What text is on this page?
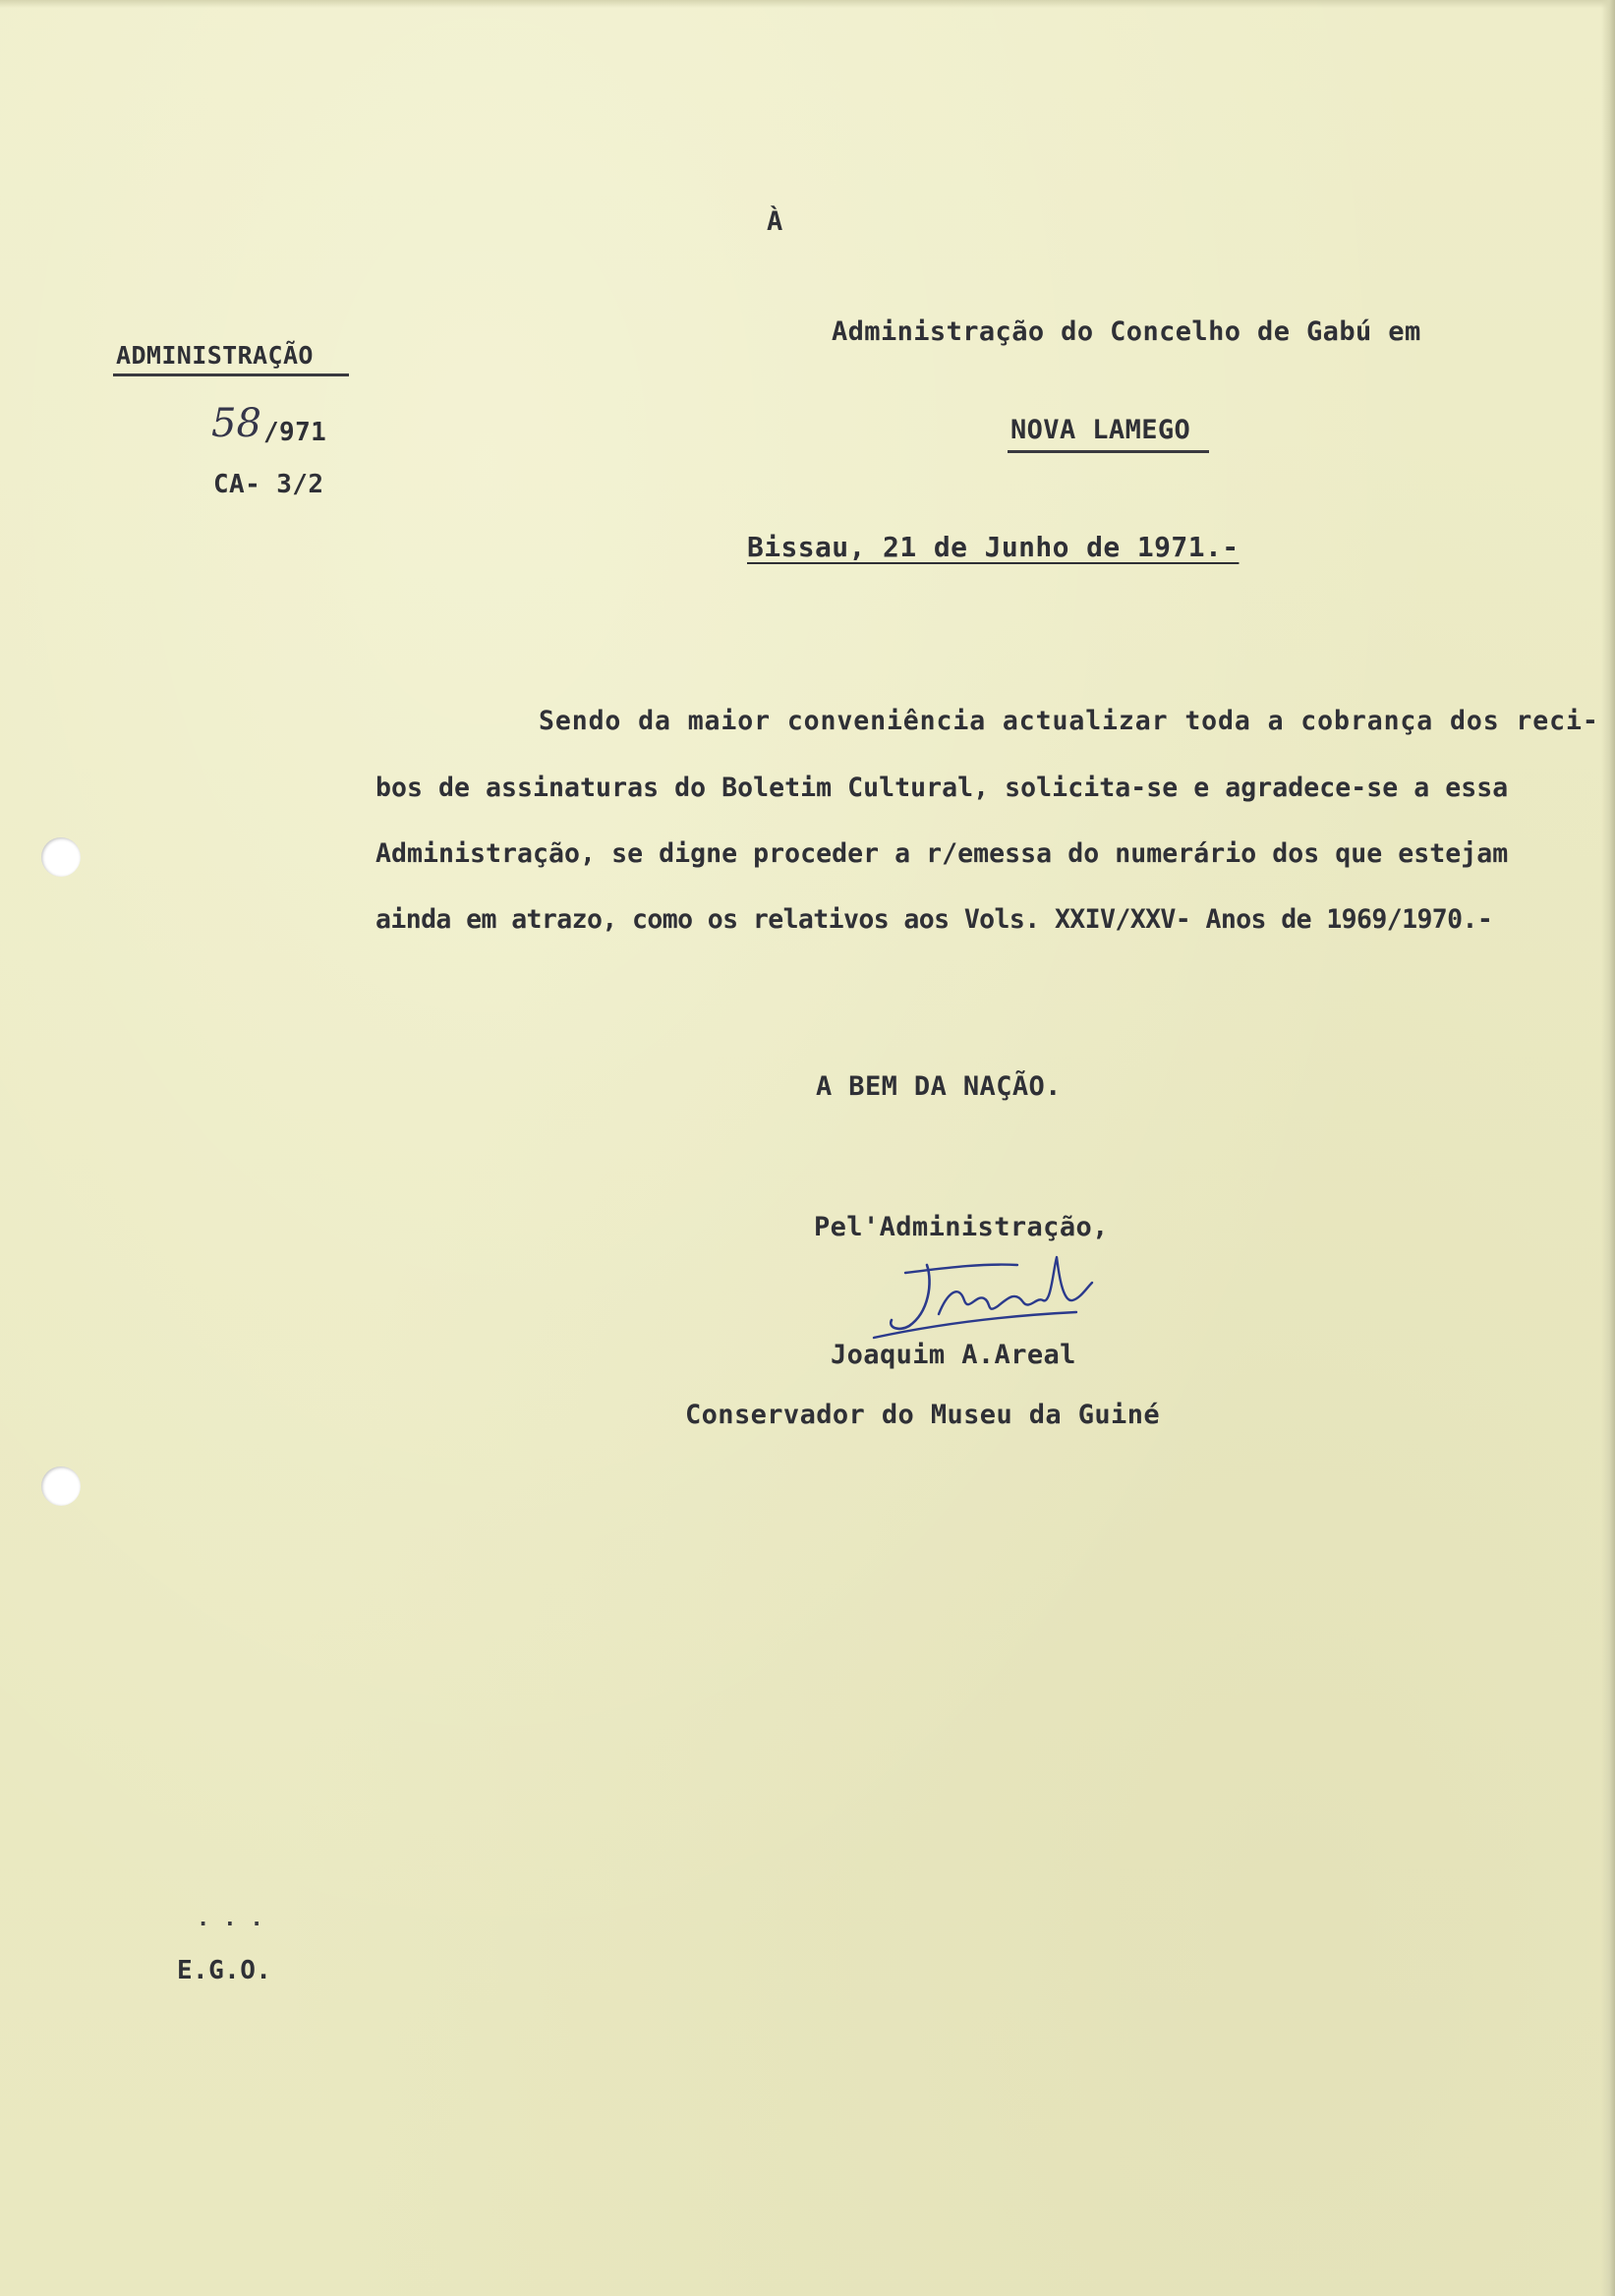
À
Administração do Concelho de Gabú em
NOVA LAMEGO
ADMINISTRAÇÃO
58 /971
CA- 3/2
Bissau, 21 de Junho de 1971.-
Sendo da maior conveniência actualizar toda a cobrança dos reci-
bos de assinaturas do Boletim Cultural, solicita-se e agradece-se a essa
Administração, se digne proceder a r/emessa do numerário dos que estejam
ainda em atrazo, como os relativos aos Vols. XXIV/XXV- Anos de 1969/1970.-
A BEM DA NAÇÃO.
Pel'Administração,
Joaquim A.Areal
Conservador do Museu da Guiné
...
E.G.O.
